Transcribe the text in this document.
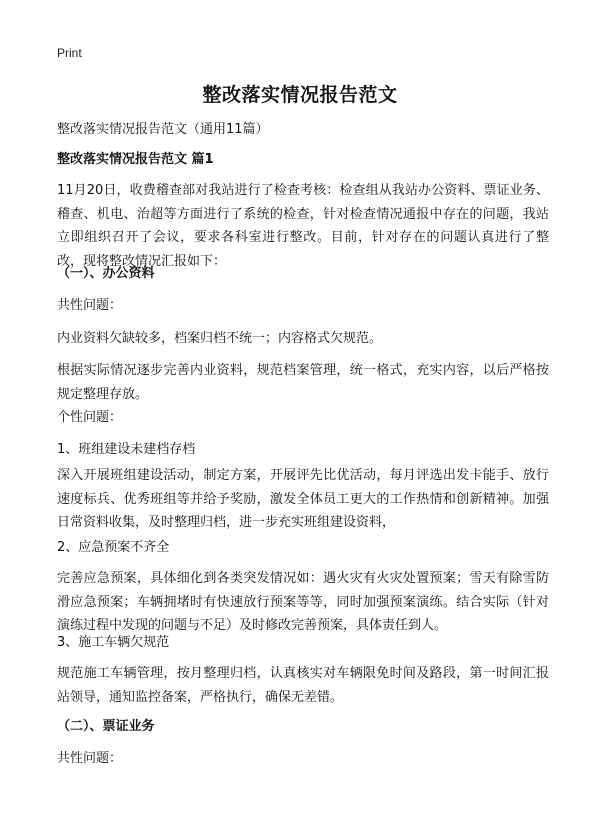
Print
整改落实情况报告范文

整改落实情况报告范文（通用11篇）

整改落实情况报告范文 篇1

11月20日，收费稽查部对我站进行了检查考核：检查组从我站办公资料、票证业务、稽查、机电、治超等方面进行了系统的检查，针对检查情况通报中存在的问题，我站立即组织召开了会议，要求各科室进行整改。目前，针对存在的问题认真进行了整改，现将整改情况汇报如下：

（一）、办公资料

共性问题：

内业资料欠缺较多，档案归档不统一；内容格式欠规范。

根据实际情况逐步完善内业资料，规范档案管理，统一格式，充实内容，以后严格按规定整理存放。

个性问题：

1、班组建设未建档存档

深入开展班组建设活动，制定方案，开展评先比优活动，每月评选出发卡能手、放行速度标兵、优秀班组等并给予奖励，激发全体员工更大的工作热情和创新精神。加强日常资料收集，及时整理归档，进一步充实班组建设资料，

2、应急预案不齐全

完善应急预案，具体细化到各类突发情况如：遇火灾有火灾处置预案；雪天有除雪防滑应急预案；车辆拥堵时有快速放行预案等等，同时加强预案演练。结合实际（针对演练过程中发现的问题与不足）及时修改完善预案，具体责任到人。

3、施工车辆欠规范

规范施工车辆管理，按月整理归档，认真核实对车辆限免时间及路段，第一时间汇报站领导，通知监控备案，严格执行，确保无差错。

（二）、票证业务

共性问题：
